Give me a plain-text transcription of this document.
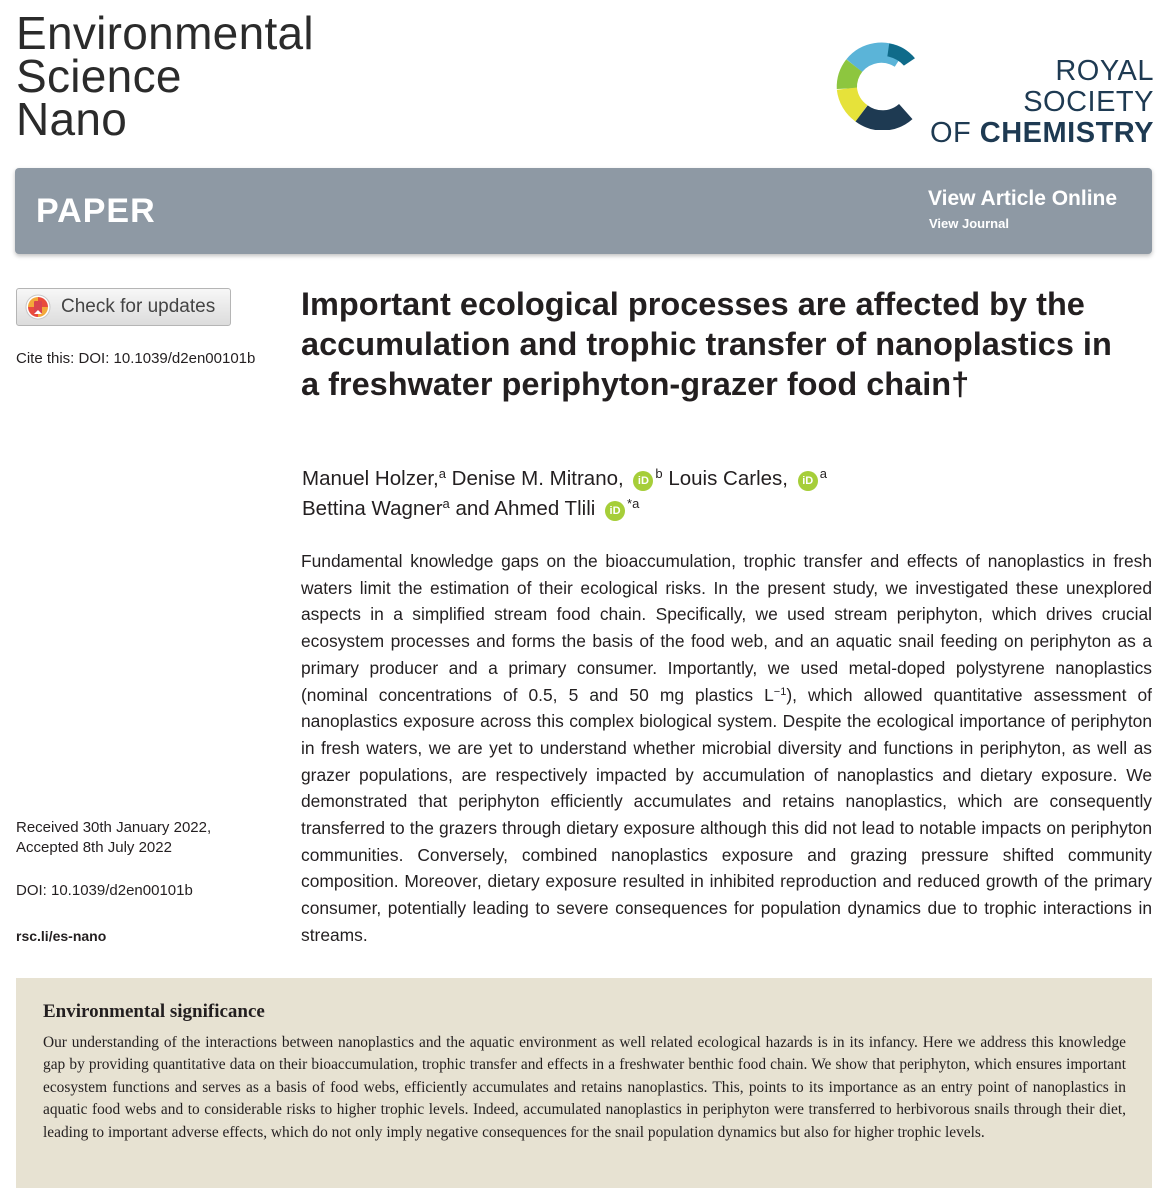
Environmental
Science
Nano
ROYAL SOCIETY
OF CHEMISTRY
PAPER	View Article Online
View Journal
Check for updates
Cite this: DOI: 10.1039/d2en00101b
Received 30th January 2022,
Accepted 8th July 2022
DOI: 10.1039/d2en00101b
rsc.li/es-nano
Important ecological processes are affected by the accumulation and trophic transfer of nanoplastics in a freshwater periphyton-grazer food chain†
Manuel Holzer,$^a$ Denise M. Mitrano, iD $^b$ Louis Carles, iD $^a$
Bettina Wagner$^a$ and Ahmed Tlili iD $^{*a}$

Fundamental knowledge gaps on the bioaccumulation, trophic transfer and effects of nanoplastics in fresh waters limit the estimation of their ecological risks. In the present study, we investigated these unexplored aspects in a simplified stream food chain. Specifically, we used stream periphyton, which drives crucial ecosystem processes and forms the basis of the food web, and an aquatic snail feeding on periphyton as a primary producer and a primary consumer. Importantly, we used metal-doped polystyrene nanoplastics (nominal concentrations of 0.5, 5 and 50 mg plastics $L^{-1}$), which allowed quantitative assessment of nanoplastics exposure across this complex biological system. Despite the ecological importance of periphyton in fresh waters, we are yet to understand whether microbial diversity and functions in periphyton, as well as grazer populations, are respectively impacted by accumulation of nanoplastics and dietary exposure. We demonstrated that periphyton efficiently accumulates and retains nanoplastics, which are consequently transferred to the grazers through dietary exposure although this did not lead to notable impacts on periphyton communities. Conversely, combined nanoplastics exposure and grazing pressure shifted community composition. Moreover, dietary exposure resulted in inhibited reproduction and reduced growth of the primary consumer, potentially leading to severe consequences for population dynamics due to trophic interactions in streams.

Environmental significance

Our understanding of the interactions between nanoplastics and the aquatic environment as well related ecological hazards is in its infancy. Here we address this knowledge gap by providing quantitative data on their bioaccumulation, trophic transfer and effects in a freshwater benthic food chain. We show that periphyton, which ensures important ecosystem functions and serves as a basis of food webs, efficiently accumulates and retains nanoplastics. This, points to its importance as an entry point of nanoplastics in aquatic food webs and to considerable risks to higher trophic levels. Indeed, accumulated nanoplastics in periphyton were transferred to herbivorous snails through their diet, leading to important adverse effects, which do not only imply negative consequences for the snail population dynamics but also for higher trophic levels.
